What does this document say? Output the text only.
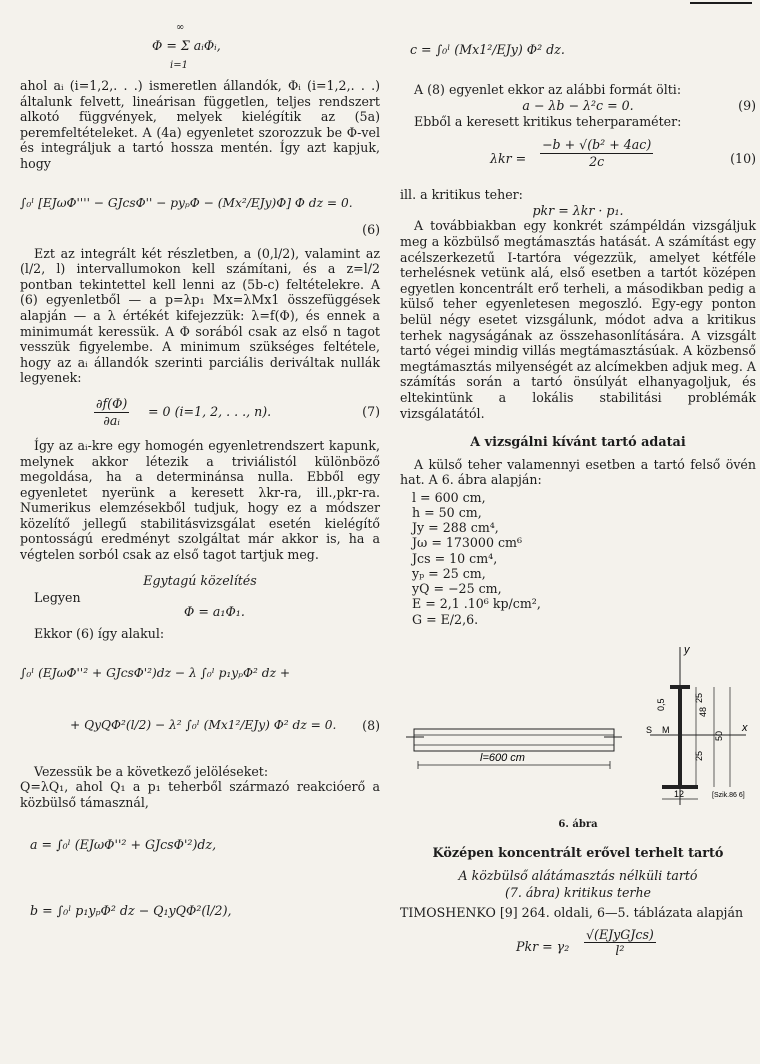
∞
Φ = Σ aᵢΦᵢ,
i=1

ahol aᵢ (i=1,2,. . .) ismeretlen állandók, Φᵢ (i=1,2,. . .) általunk felvett, lineárisan független, teljes rendszert alkotó függvények, melyek kielégítik az (5a) peremfeltételeket. A (4a) egyenletet szorozzuk be Φ-vel és integráljuk a tartó hossza mentén. Így azt kapjuk, hogy

∫₀ˡ [EJωΦ'''' − GJcsΦ'' − pyₚΦ − (Mx²/EJy)Φ] Φ dz = 0.
(6)

Ezt az integrált két részletben, a (0,l/2), valamint az (l/2, l) intervallumokon kell számítani, és a z=l/2 pontban tekintettel kell lenni az (5b-c) feltételekre. A (6) egyenletből — a p=λp₁ Mx=λMx1 összefüggések alapján — a λ értékét kifejezzük: λ=f(Φ), és ennek a minimumát keressük. A Φ sorából csak az első n tagot vesszük figyelembe. A minimum szükséges feltétele, hogy az aᵢ állandók szerinti parciális deriváltak nullák legyenek:

$\frac{\partial f(\Phi)}{\text{∂aᵢ}} = 0$ (i=1, 2, . . ., n).	(7)

Így az aᵢ-kre egy homogén egyenletrendszert kapunk, melynek akkor létezik a triviálistól különböző megoldása, ha a determinánsa nulla. Ebből egy egyenletet nyerünk a keresett λkr-ra, ill.,pkr-ra. Numerikus elemzésekből tudjuk, hogy ez a módszer közelítő jellegű stabilitásvizsgálat esetén kielégítő pontosságú eredményt szolgáltat már akkor is, ha a végtelen sorból csak az első tagot tartjuk meg.

Egytagú közelítés
Legyen
Φ = a₁Φ₁.

Ekkor (6) így alakul:

∫₀ˡ (EJωΦ''² + GJcsΦ'²)dz − λ ∫₀ˡ p₁yₚΦ² dz +
+ QyQΦ²(l/2) − λ² ∫₀ˡ (Mx1²/EJy) Φ² dz = 0. (8)

Vezessük be a következő jelöléseket:

Q=λQ₁, ahol Q₁ a p₁ teherből származó reakcióerő a közbülső támasznál,

a = ∫₀ˡ (EJωΦ''² + GJcsΦ'²)dz,
b = ∫₀ˡ p₁yₚΦ² dz − Q₁yQΦ²(l/2),
c = ∫₀ˡ (Mx1²/EJy) Φ² dz.

A (8) egyenlet ekkor az alábbi formát ölti:

a − λb − λ²c = 0.	(9)

Ebből a keresett kritikus teherparaméter:

$\lambda kr = \frac{\text{−b + √(b² + 4ac)}}{2c}$	(10)

ill. a kritikus teher:

pkr = λkr · p₁.

A továbbiakban egy konkrét számpéldán vizsgáljuk meg a közbülső megtámasztás hatását. A számítást egy acélszerkezetű I-tartóra végezzük, amelyet kétféle terhelésnek vetünk alá, első esetben a tartót középen egyetlen koncentrált erő terheli, a másodikban pedig a külső teher egyenletesen megoszló. Egy-egy ponton belül négy esetet vizsgálunk, módot adva a kritikus terhek nagyságának az összehasonlítására. A vizsgált tartó végei mindig villás megtámasztásúak. A közbenső megtámasztás milyenségét az alcímekben adjuk meg. A számítás során a tartó önsúlyát elhanyagoljuk, és eltekintünk a lokális stabilitási problémák vizsgálatától.

A vizsgálni kívánt tartó adatai

A külső teher valamennyi esetben a tartó felső övén hat. A 6. ábra alapján:

l = 600 cm,
h = 50 cm,
Jy = 288 cm⁴,
Jω = 173000 cm⁶
Jcs = 10 cm⁴,
yₚ = 25 cm,
yQ = −25 cm,
E = 2,1 .10⁶ kp/cm²,
G = E/2,6.
l=600 cm
y
x
S M
0,5
48
50
25
25
12	[Szik.86 6]
6. ábra
Középen koncentrált erővel terhelt tartó
A közbülső alátámasztás nélküli tartó
(7. ábra) kritikus terhe

TIMOSHENKO [9] 264. oldali, 6—5. táblázata alapján

Pkr = γ₂
√(EJyGJcs)
l²
